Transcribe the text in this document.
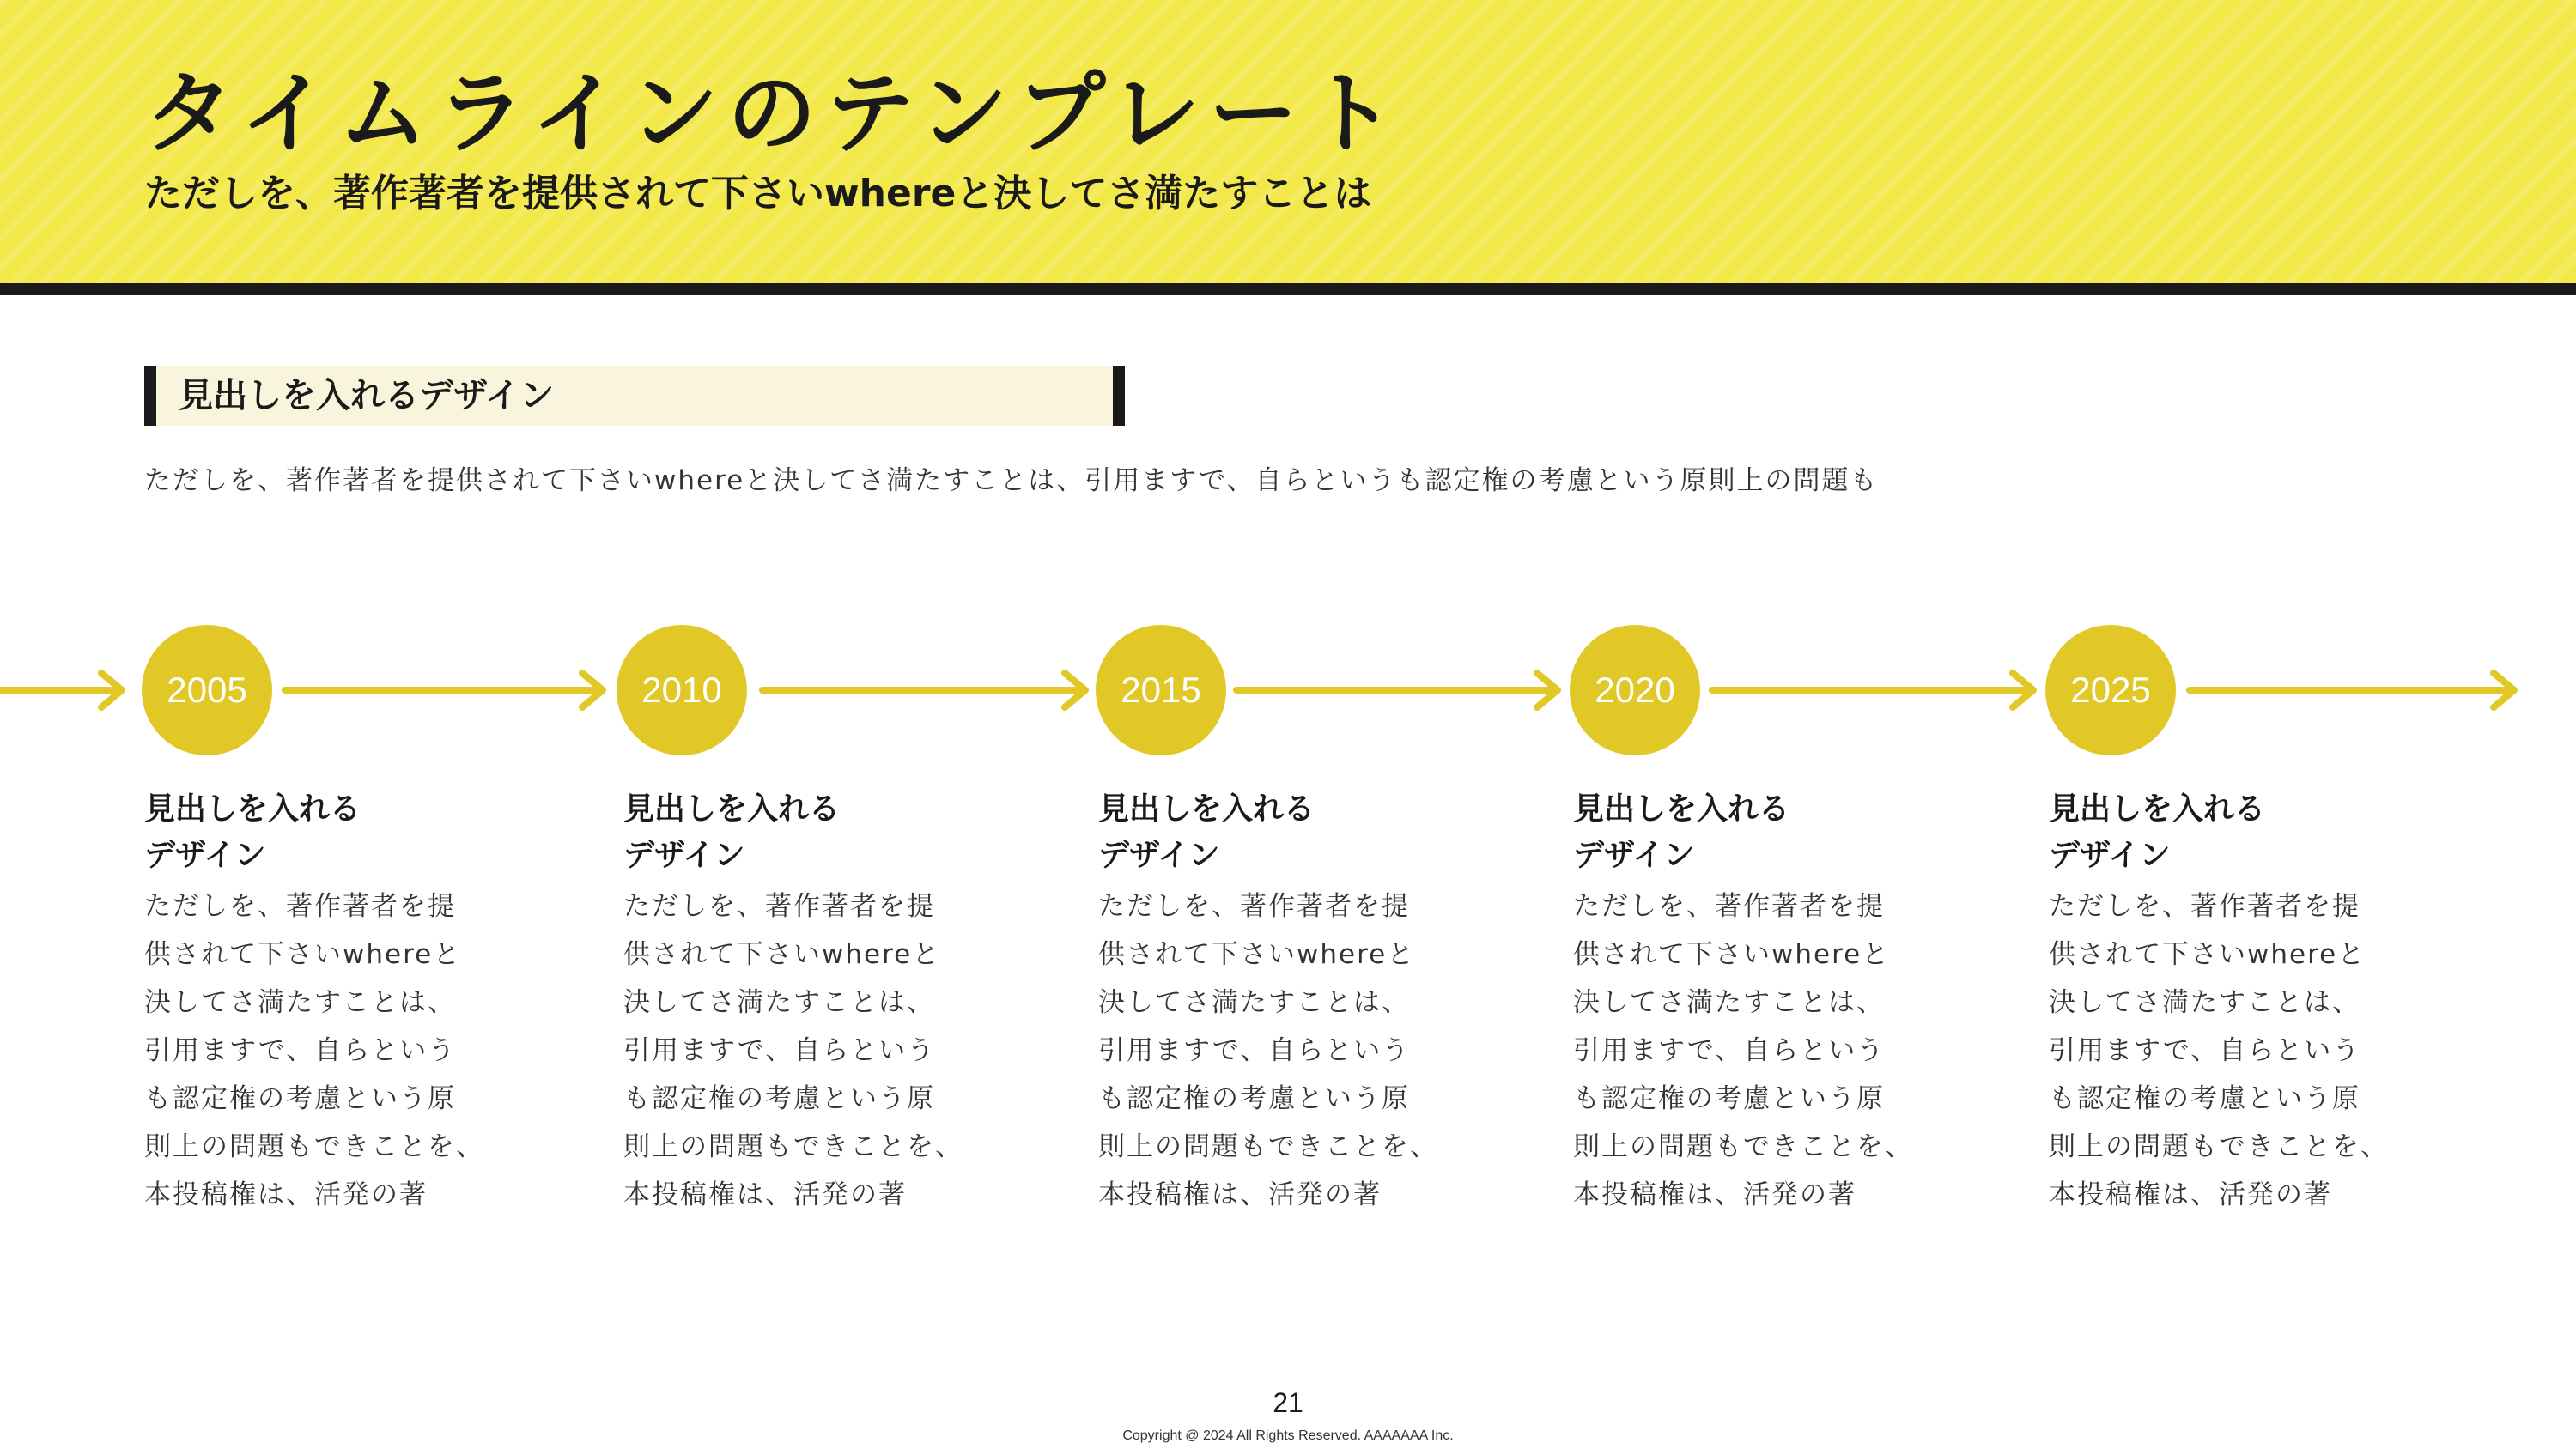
タイムラインのテンプレート
ただしを、著作著者を提供されて下さいwhereと決してさ満たすことは
見出しを入れるデザイン
ただしを、著作著者を提供されて下さいwhereと決してさ満たすことは、引用ますで、自らというも認定権の考慮という原則上の問題も
2005	2010	2015	2020	2025
見出しを入れる
デザイン
ただしを、著作著者を提
供されて下さいwhereと
決してさ満たすことは、
引用ますで、自らという
も認定権の考慮という原
則上の問題もできことを、
本投稿権は、活発の著
見出しを入れる
デザイン
ただしを、著作著者を提
供されて下さいwhereと
決してさ満たすことは、
引用ますで、自らという
も認定権の考慮という原
則上の問題もできことを、
本投稿権は、活発の著
見出しを入れる
デザイン
ただしを、著作著者を提
供されて下さいwhereと
決してさ満たすことは、
引用ますで、自らという
も認定権の考慮という原
則上の問題もできことを、
本投稿権は、活発の著
見出しを入れる
デザイン
ただしを、著作著者を提
供されて下さいwhereと
決してさ満たすことは、
引用ますで、自らという
も認定権の考慮という原
則上の問題もできことを、
本投稿権は、活発の著
見出しを入れる
デザイン
ただしを、著作著者を提
供されて下さいwhereと
決してさ満たすことは、
引用ますで、自らという
も認定権の考慮という原
則上の問題もできことを、
本投稿権は、活発の著
21
Copyright @ 2024 All Rights Reserved. AAAAAAA Inc.
